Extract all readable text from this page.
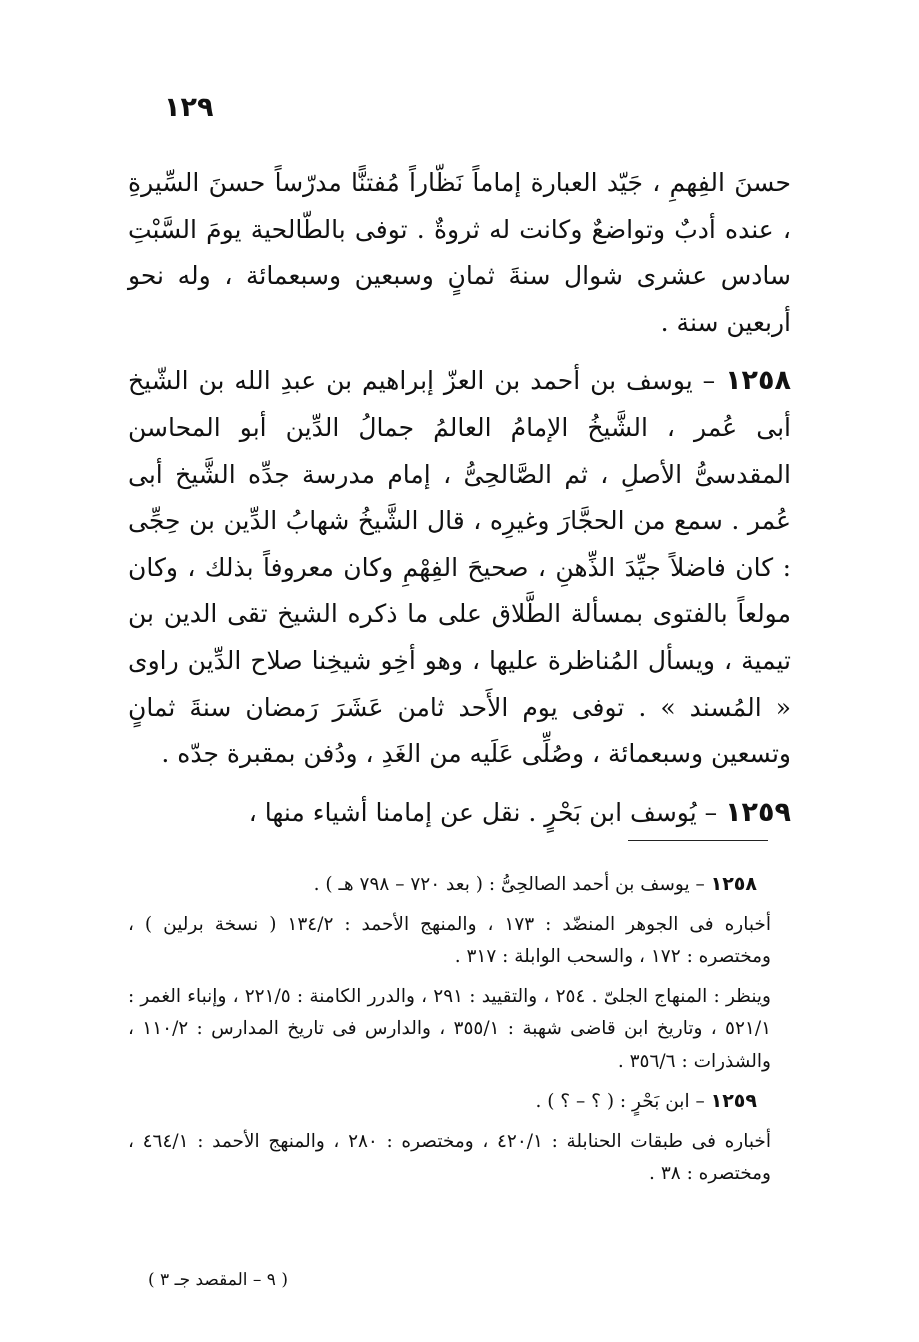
١٢٩

حسنَ الفِهمِ ، جَيّد العبارة إماماً نَظّاراً مُفتنًّا مدرّساً حسنَ السِّيرةِ ، عنده أدبٌ وتواضعٌ وكانت له ثروةٌ . توفى بالطّالحية يومَ السَّبْتِ سادس عشرى شوال سنةَ ثمانٍ وسبعين وسبعمائة ، وله نحو أربعين سنة .

١٢٥٨ – يوسف بن أحمد بن العزّ إبراهيم بن عبدِ الله بن الشّيخ أبى عُمر ، الشَّيخُ الإمامُ العالمُ جمالُ الدِّين أبو المحاسن المقدسىُّ الأصلِ ، ثم الصَّالحِىُّ ، إمام مدرسة جدِّه الشَّيخ أبى عُمر . سمع من الحجَّارَ وغيرِه ، قال الشَّيخُ شهابُ الدِّين بن حِجِّى : كان فاضلاً جيِّدَ الذِّهنِ ، صحيحَ الفِهْمِ وكان معروفاً بذلك ، وكان مولعاً بالفتوى بمسألة الطَّلاق على ما ذكره الشيخ تقى الدين بن تيمية ، ويسأل المُناظرة عليها ، وهو أخِو شيخِنا صلاح الدِّين راوى « المُسند » . توفى يوم الأَحد ثامن عَشَرَ رَمضان سنةَ ثمانٍ وتسعين وسبعمائة ، وصُلِّى عَلَيه من الغَدِ ، ودُفن بمقبرة جدّه .

١٢٥٩ – يُوسف ابن بَحْرٍ . نقل عن إمامنا أشياء منها ،

١٢٥٨ – يوسف بن أحمد الصالحِىُّ : ( بعد ٧٢٠ – ٧٩٨ هـ ) .

أخباره فى الجوهر المنضّد : ١٧٣ ، والمنهج الأحمد : ١٣٤/٢ ( نسخة برلين ) ، ومختصره : ١٧٢ ، والسحب الوابلة : ٣١٧ .

وينظر : المنهاج الجلىّ . ٢٥٤ ، والتقييد : ٢٩١ ، والدرر الكامنة : ٢٢١/٥ ، وإنباء الغمر : ٥٢١/١ ، وتاريخ ابن قاضى شهبة : ٣٥٥/١ ، والدارس فى تاريخ المدارس : ١١٠/٢ ، والشذرات : ٣٥٦/٦ .

١٢٥٩ – ابن بَحْرٍ : ( ؟ – ؟ ) .

أخباره فى طبقات الحنابلة : ٤٢٠/١ ، ومختصره : ٢٨٠ ، والمنهج الأحمد : ٤٦٤/١ ، ومختصره : ٣٨ .

( ٩ – المقصد جـ ٣ )
